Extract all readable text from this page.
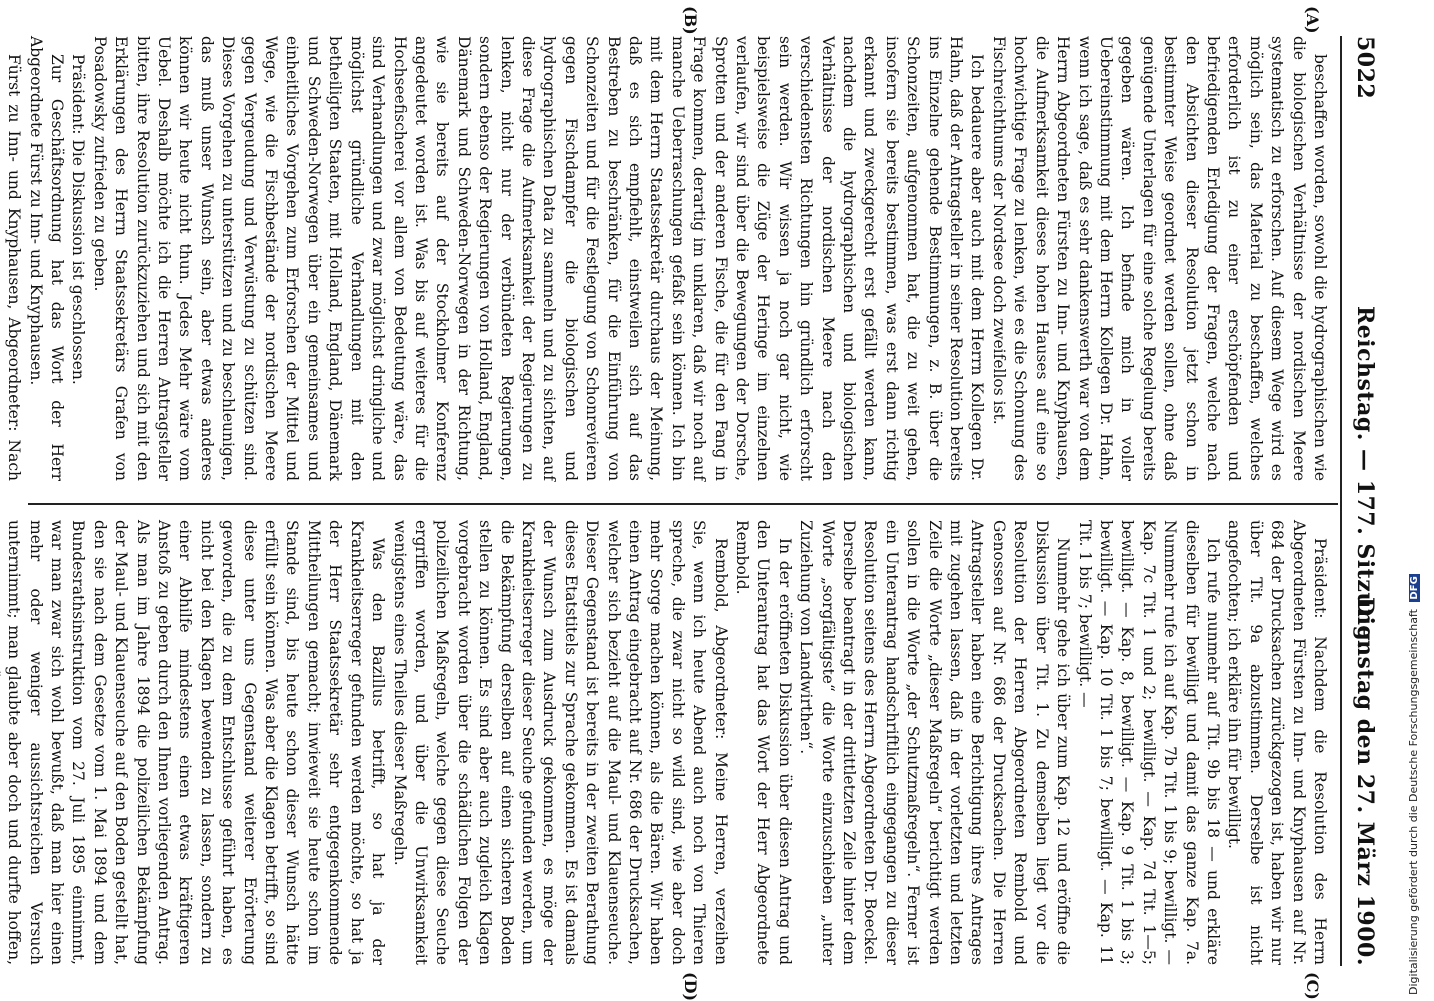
5022
Reichstag. — 177. Sitzung.
Dienstag den 27. März 1900.
(A)
(B)
(C)
(D)

beschaffen worden, sowohl die hydrographischen wie die biologischen Verhältnisse der nordischen Meere systematisch zu erforschen. Auf diesem Wege wird es möglich sein, das Material zu beschaffen, welches erforderlich ist zu einer erschöpfenden und befriedigenden Erledigung der Fragen, welche nach den Absichten dieser Resolution jetzt schon in bestimmter Weise geordnet werden sollen, ohne daß genügende Unterlagen für eine solche Regelung bereits gegeben wären. Ich befinde mich in voller Uebereinstimmung mit dem Herrn Kollegen Dr. Hahn, wenn ich sage, daß es sehr dankenswerth war von dem Herrn Abgeordneten Fürsten zu Inn- und Knyphausen, die Aufmerksamkeit dieses hohen Hauses auf eine so hochwichtige Frage zu lenken, wie es die Schonung des Fischreichthums der Nordsee doch zweifellos ist.

Ich bedauere aber auch mit dem Herrn Kollegen Dr. Hahn, daß der Antragsteller in seiner Resolution bereits ins Einzelne gehende Bestimmungen, z. B. über die Schonzeiten, aufgenommen hat, die zu weit gehen, insofern sie bereits bestimmen, was erst dann richtig erkannt und zweckgerecht erst gefällt werden kann, nachdem die hydrographischen und biologischen Verhältnisse der nordischen Meere nach den verschiedensten Richtungen hin gründlich erforscht sein werden. Wir wissen ja noch gar nicht, wie beispielsweise die Züge der Heringe im einzelnen verlaufen, wir sind über die Bewegungen der Dorsche, Sprotten und der anderen Fische, die für den Fang in Frage kommen, derartig im unklaren, daß wir noch auf manche Ueberraschungen gefaßt sein können. Ich bin mit dem Herrn Staatssekretär durchaus der Meinung, daß es sich empfiehlt, einstweilen sich auf das Bestreben zu beschränken, für die Einführung von Schonzeiten und für die Festlegung von Schonrevieren gegen Fischdampfer die biologischen und hydrographischen Data zu sammeln und zu sichten, auf diese Frage die Aufmerksamkeit der Regierungen zu lenken, nicht nur der verbündeten Regierungen, sondern ebenso der Regierungen von Holland, England, Dänemark und Schweden-Norwegen in der Richtung, wie sie bereits auf der Stockholmer Konferenz angedeutet worden ist. Was bis auf weiteres für die Hochseefischerei vor allem von Bedeutung wäre, das sind Verhandlungen und zwar möglichst dringliche und möglichst gründliche Verhandlungen mit den betheiligten Staaten, mit Holland, England, Dänemark und Schweden-Norwegen über ein gemeinsames und einheitliches Vorgehen zum Erforschen der Mittel und Wege, wie die Fischbestände der nordischen Meere gegen Vergeudung und Verwüstung zu schützen sind. Dieses Vorgehen zu unterstützen und zu beschleunigen, das muß unser Wunsch sein, aber etwas anderes können wir heute nicht thun. Jedes Mehr wäre vom Uebel. Deshalb möchte ich die Herren Antragsteller bitten, ihre Resolution zurückzuziehen und sich mit den Erklärungen des Herrn Staatssekretärs Grafen von Posadowsky zufrieden zu geben.

Präsident: Die Diskussion ist geschlossen.

Zur Geschäftsordnung hat das Wort der Herr Abgeordnete Fürst zu Inn- und Knyphausen.

Fürst zu Inn- und Knyphausen, Abgeordneter: Nach

Präsident: Nachdem die Resolution des Herrn Abgeordneten Fürsten zu Inn- und Knyphausen auf Nr. 684 der Drucksachen zurückgezogen ist, haben wir nur über Tit. 9a abzustimmen. Derselbe ist nicht angefochten; ich erkläre ihn für bewilligt.

Ich rufe nunmehr auf Tit. 9b bis 18 — und erkläre dieselben für bewilligt und damit das ganze Kap. 7a. Nummehr rufe ich auf Kap. 7b Tit. 1 bis 9; bewilligt. — Kap. 7c Tit. 1 und 2; bewilligt. — Kap. 7d Tit. 1—5; bewilligt. — Kap. 8, bewilligt. — Kap. 9 Tit. 1 bis 3; bewilligt. — Kap. 10 Tit. 1 bis 7; bewilligt. — Kap. 11 Tit. 1 bis 7; bewilligt. —

Nunmehr gehe ich über zum Kap. 12 und eröffne die Diskussion über Tit. 1. Zu demselben liegt vor die Resolution der Herren Abgeordneten Rembold und Genossen auf Nr. 686 der Drucksachen. Die Herren Antragsteller haben eine Berichtigung ihres Antrages mit zugehen lassen, daß in der vorletzten und letzten Zeile die Worte „dieser Maßregeln“ berichtigt werden sollen in die Worte „der Schutzmaßregeln“. Ferner ist ein Unterantrag handschriftlich eingegangen zu dieser Resolution seitens des Herrn Abgeordneten Dr. Boeckel. Derselbe beantragt in der drittletzten Zeile hinter dem Worte „sorgfältigste“ die Worte einzuschieben „unter Zuziehung von Landwirthen“.

In der eröffneten Diskussion über diesen Antrag und den Unterantrag hat das Wort der Herr Abgeordnete Rembold.

Rembold, Abgeordneter: Meine Herren, verzeihen Sie, wenn ich heute Abend auch noch von Thieren spreche, die zwar nicht so wild sind, wie aber doch mehr Sorge machen können, als die Bären. Wir haben einen Antrag eingebracht auf Nr. 686 der Drucksachen, welcher sich bezieht auf die Maul- und Klauenseuche. Dieser Gegenstand ist bereits in der zweiten Berathung dieses Etatstitels zur Sprache gekommen. Es ist damals der Wunsch zum Ausdruck gekommen, es möge der Krankheitserreger dieser Seuche gefunden werden, um die Bekämpfung derselben auf einen sicheren Boden stellen zu können. Es sind aber auch zugleich Klagen vorgebracht worden über die schädlichen Folgen der polizeilichen Maßregeln, welche gegen diese Seuche ergriffen worden, und über die Unwirksamkeit wenigstens eines Theiles dieser Maßregeln.

Was den Bazillus betrifft, so hat ja der Krankheitserreger gefunden werden möchte, so hat ja der Herr Staatssekretär sehr entgegenkommende Mittheilungen gemacht; inwieweit sie heute schon im Stande sind, bis heute schon dieser Wunsch hätte erfüllt sein können. Was aber die Klagen betrifft, so sind diese unter uns Gegenstand weiterer Erörterung geworden, die zu dem Entschlusse geführt haben, es nicht bei den Klagen bewenden zu lassen, sondern zu einer Abhilfe mindestens einen etwas kräftigeren Anstoß zu geben durch den Ihnen vorliegenden Antrag. Als man im Jahre 1894 die polizeilichen Bekämpfung der Maul- und Klauenseuche auf den Boden gestellt hat, den sie nach dem Gesetze vom 1. Mai 1894 und dem Bundesrathsinstruktion vom 27. Juli 1895 einnimmt, war man zwar sich wohl bewußt, daß man hier einen mehr oder weniger aussichtsreichen Versuch unternimmt; man glaubte aber doch und durfte hoffen,	Digitalisierung gefördert durch die Deutsche Forschungsgemeinschaft DFG
